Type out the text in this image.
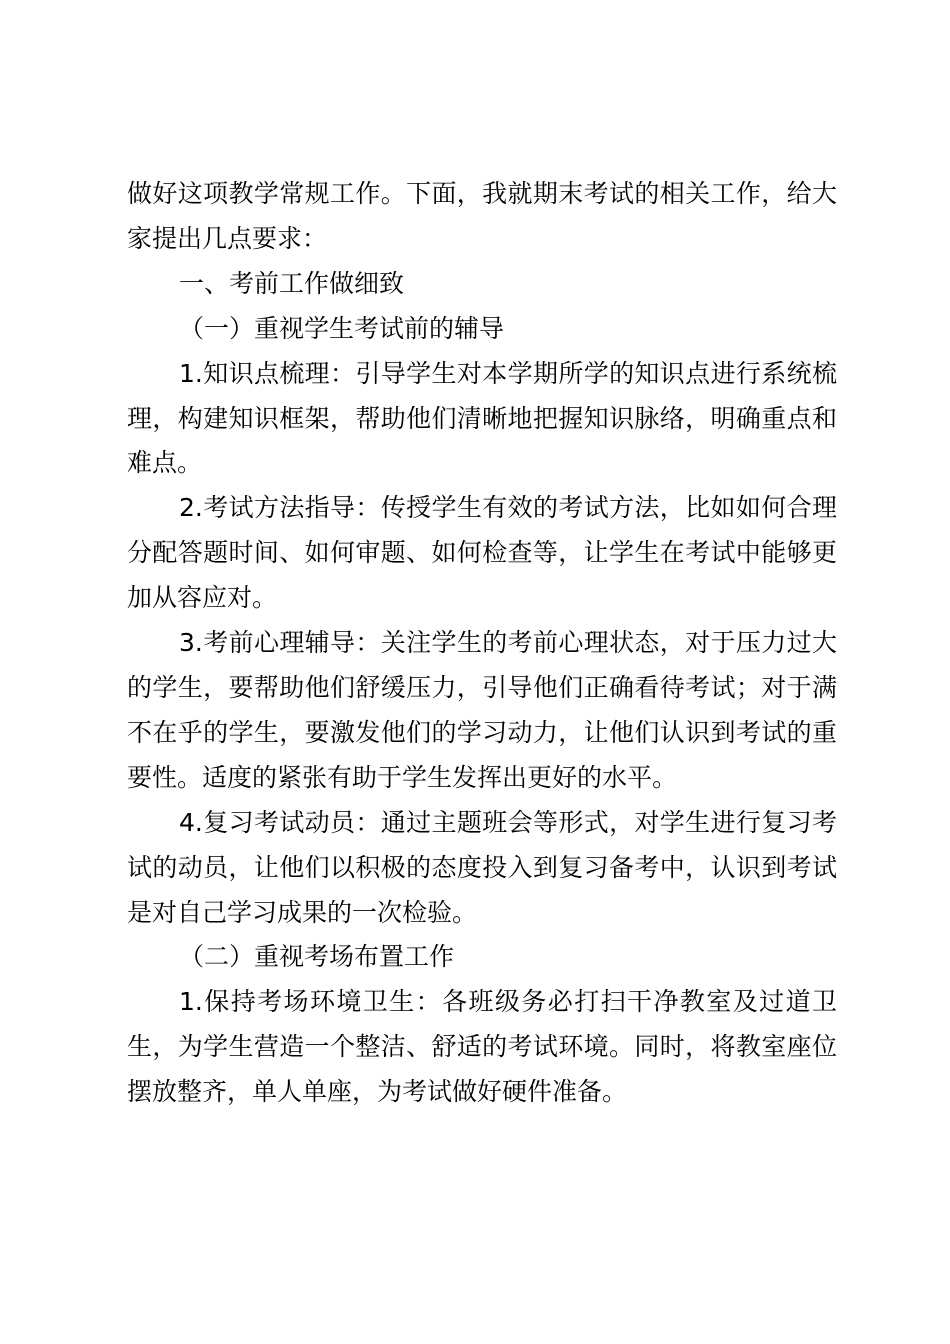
做好这项教学常规工作。下面，我就期末考试的相关工作，给大家提出几点要求：

一、考前工作做细致

（一）重视学生考试前的辅导

1.知识点梳理：引导学生对本学期所学的知识点进行系统梳理，构建知识框架，帮助他们清晰地把握知识脉络，明确重点和难点。

2.考试方法指导：传授学生有效的考试方法，比如如何合理分配答题时间、如何审题、如何检查等，让学生在考试中能够更加从容应对。

3.考前心理辅导：关注学生的考前心理状态，对于压力过大的学生，要帮助他们舒缓压力，引导他们正确看待考试；对于满不在乎的学生，要激发他们的学习动力，让他们认识到考试的重要性。适度的紧张有助于学生发挥出更好的水平。

4.复习考试动员：通过主题班会等形式，对学生进行复习考试的动员，让他们以积极的态度投入到复习备考中，认识到考试是对自己学习成果的一次检验。

（二）重视考场布置工作

1.保持考场环境卫生：各班级务必打扫干净教室及过道卫生，为学生营造一个整洁、舒适的考试环境。同时，将教室座位摆放整齐，单人单座，为考试做好硬件准备。
